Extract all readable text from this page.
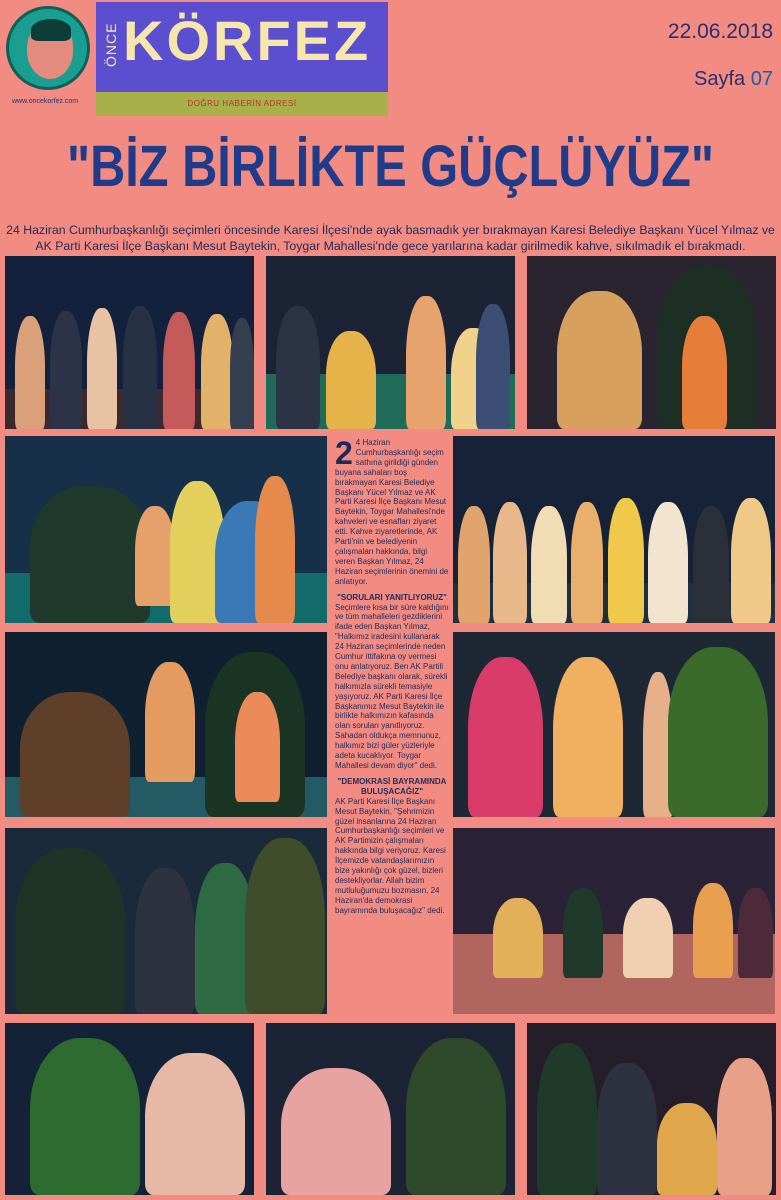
www.oncekorfez.com
ÖNCE KÖRFEZ
DOĞRU HABERİN ADRESİ
22.06.2018
Sayfa 07
"BİZ BİRLİKTE GÜÇLÜYÜZ"
24 Haziran Cumhurbaşkanlığı seçimleri öncesinde Karesi İlçesi'nde ayak basmadık yer bırakmayan Karesi Belediye Başkanı Yücel Yılmaz ve AK Parti Karesi İlçe Başkanı Mesut Baytekin, Toygar Mahallesi'nde gece yarılarına kadar girilmedik kahve, sıkılmadık el bırakmadı.

2 4 Haziran Cumhurbaşkanlığı seçim sathına girildiği günden buyana sahaları boş bırakmayan Karesi Belediye Başkanı Yücel Yılmaz ve AK Parti Karesi İlçe Başkanı Mesut Baytekin, Toygar Mahallesi'nde kahveleri ve esnafları ziyaret etti. Kahve ziyaretlerinde, AK Parti'nin ve belediyenin çalışmaları hakkında, bilgi veren Başkan Yılmaz, 24 Haziran seçimlerinin önemini de anlatıyor.

"SORULARI YANITLIYORUZ"

Seçimlere kısa bir süre kaldığını ve tüm mahalleleri gezdiklerini ifade eden Başkan Yılmaz, "Halkımız iradesini kullanarak 24 Haziran seçimlerinde neden Cumhur ittifakına oy vermesi onu anlatıyoruz. Ben AK Partili Belediye başkanı olarak, sürekli halkımızla sürekli temasiyle yaşıyoruz. AK Parti Karesi İlçe Başkanımız Mesut Baytekin ile birlikte halkımızın kafasında olan soruları yanıtlıyoruz. Sahadan oldukça memnunuz, halkımız bizi güler yüzleriyle adeta kucaklıyor. Toygar Mahallesi devam diyor" dedi.

"DEMOKRASİ BAYRAMINDA BULUŞACAĞIZ"

AK Parti Karesi İlçe Başkanı Mesut Baytekin, "Şehrimizin güzel insanlarına 24 Haziran Cumhurbaşkanlığı seçimleri ve AK Partimizin çalışmaları hakkında bilgi veriyoruz. Karesi İlçemizde vatandaşlarımızın bize yakınlığı çok güzel, bizleri destekliyorlar. Allah bizim mutluluğumuzu bozmasın, 24 Haziran'da demokrasi bayramında buluşacağız" dedi.
